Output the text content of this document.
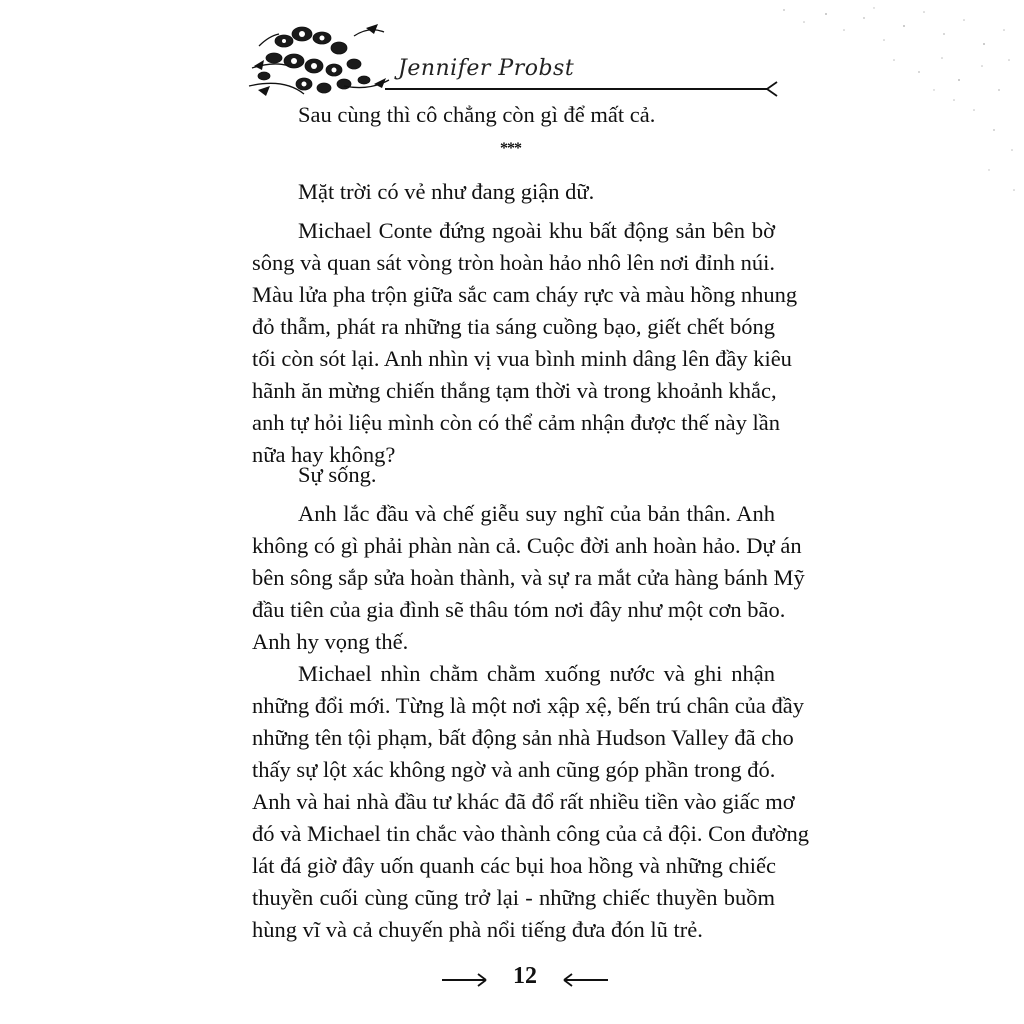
Jennifer Probst
***
Sau cùng thì cô chẳng còn gì để mất cả.
Mặt trời có vẻ như đang giận dữ.
Michael Conte đứng ngoài khu bất động sản bên bờ
sông và quan sát vòng tròn hoàn hảo nhô lên nơi đỉnh núi.
Màu lửa pha trộn giữa sắc cam cháy rực và màu hồng nhung
đỏ thẫm, phát ra những tia sáng cuồng bạo, giết chết bóng
tối còn sót lại. Anh nhìn vị vua bình minh dâng lên đầy kiêu
hãnh ăn mừng chiến thắng tạm thời và trong khoảnh khắc,
anh tự hỏi liệu mình còn có thể cảm nhận được thế này lần
nữa hay không?
Sự sống.
Anh lắc đầu và chế giễu suy nghĩ của bản thân. Anh
không có gì phải phàn nàn cả. Cuộc đời anh hoàn hảo. Dự án
bên sông sắp sửa hoàn thành, và sự ra mắt cửa hàng bánh Mỹ
đầu tiên của gia đình sẽ thâu tóm nơi đây như một cơn bão.
Anh hy vọng thế.
Michael nhìn chằm chằm xuống nước và ghi nhận
những đổi mới. Từng là một nơi xập xệ, bến trú chân của đầy
những tên tội phạm, bất động sản nhà Hudson Valley đã cho
thấy sự lột xác không ngờ và anh cũng góp phần trong đó.
Anh và hai nhà đầu tư khác đã đổ rất nhiều tiền vào giấc mơ
đó và Michael tin chắc vào thành công của cả đội. Con đường
lát đá giờ đây uốn quanh các bụi hoa hồng và những chiếc
thuyền cuối cùng cũng trở lại - những chiếc thuyền buồm
hùng vĩ và cả chuyến phà nổi tiếng đưa đón lũ trẻ.
12
